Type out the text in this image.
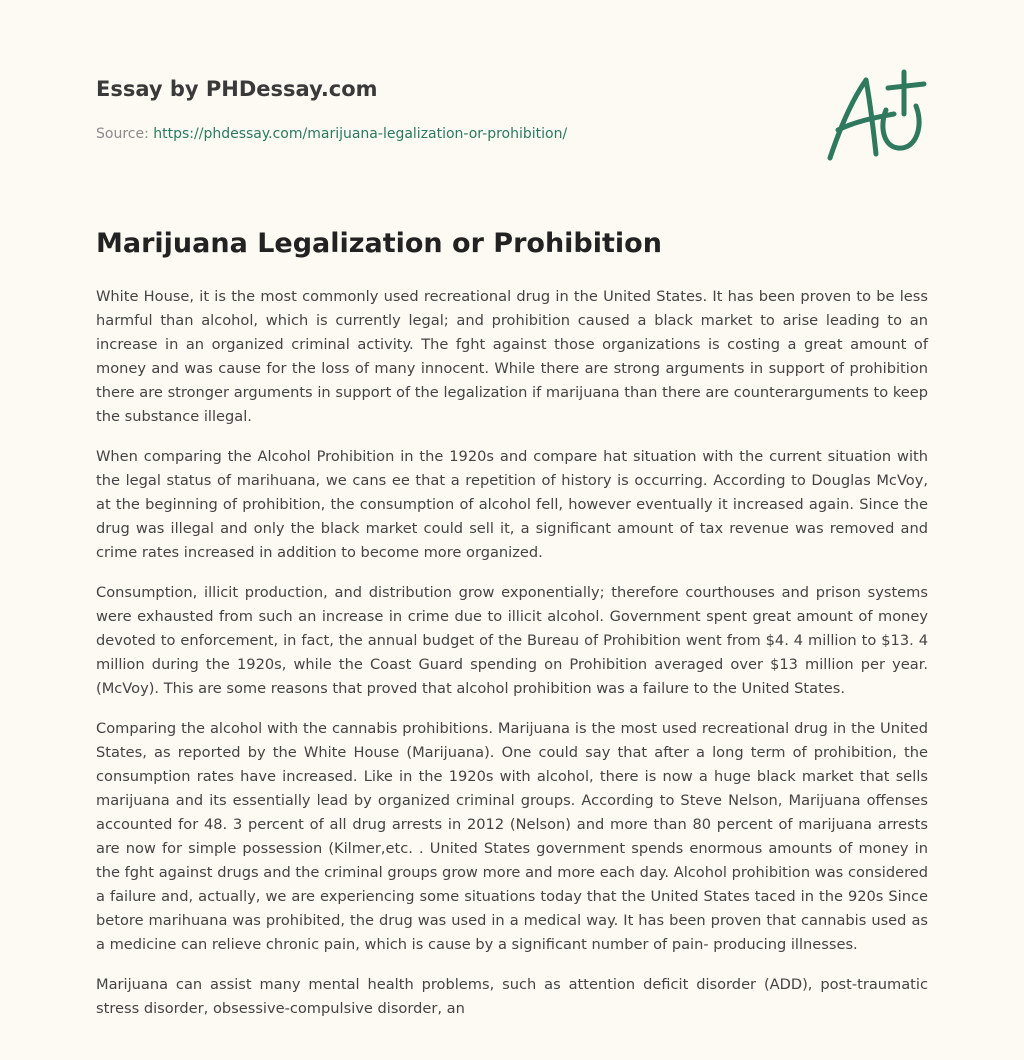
Essay by PHDessay.com
Source: https://phdessay.com/marijuana-legalization-or-prohibition/
Marijuana Legalization or Prohibition

White House, it is the most commonly used recreational drug in the United States. It has been proven to be less harmful than alcohol, which is currently legal; and prohibition caused a black market to arise leading to an increase in an organized criminal activity. The fght against those organizations is costing a great amount of money and was cause for the loss of many innocent. While there are strong arguments in support of prohibition there are stronger arguments in support of the legalization if marijuana than there are counterarguments to keep the substance illegal.

When comparing the Alcohol Prohibition in the 1920s and compare hat situation with the current situation with the legal status of marihuana, we cans ee that a repetition of history is occurring. According to Douglas McVoy, at the beginning of prohibition, the consumption of alcohol fell, however eventually it increased again. Since the drug was illegal and only the black market could sell it, a significant amount of tax revenue was removed and crime rates increased in addition to become more organized.

Consumption, illicit production, and distribution grow exponentially; therefore courthouses and prison systems were exhausted from such an increase in crime due to illicit alcohol. Government spent great amount of money devoted to enforcement, in fact, the annual budget of the Bureau of Prohibition went from $4. 4 million to $13. 4 million during the 1920s, while the Coast Guard spending on Prohibition averaged over $13 million per year. (McVoy). This are some reasons that proved that alcohol prohibition was a failure to the United States.

Comparing the alcohol with the cannabis prohibitions. Marijuana is the most used recreational drug in the United States, as reported by the White House (Marijuana). One could say that after a long term of prohibition, the consumption rates have increased. Like in the 1920s with alcohol, there is now a huge black market that sells marijuana and its essentially lead by organized criminal groups. According to Steve Nelson, Marijuana offenses accounted for 48. 3 percent of all drug arrests in 2012 (Nelson) and more than 80 percent of marijuana arrests are now for simple possession (Kilmer,etc. . United States government spends enormous amounts of money in the fght against drugs and the criminal groups grow more and more each day. Alcohol prohibition was considered a failure and, actually, we are experiencing some situations today that the United States taced in the 920s Since betore marihuana was prohibited, the drug was used in a medical way. It has been proven that cannabis used as a medicine can relieve chronic pain, which is cause by a significant number of pain- producing illnesses.

Marijuana can assist many mental health problems, such as attention deficit disorder (ADD), post-traumatic stress disorder, obsessive-compulsive disorder, an
